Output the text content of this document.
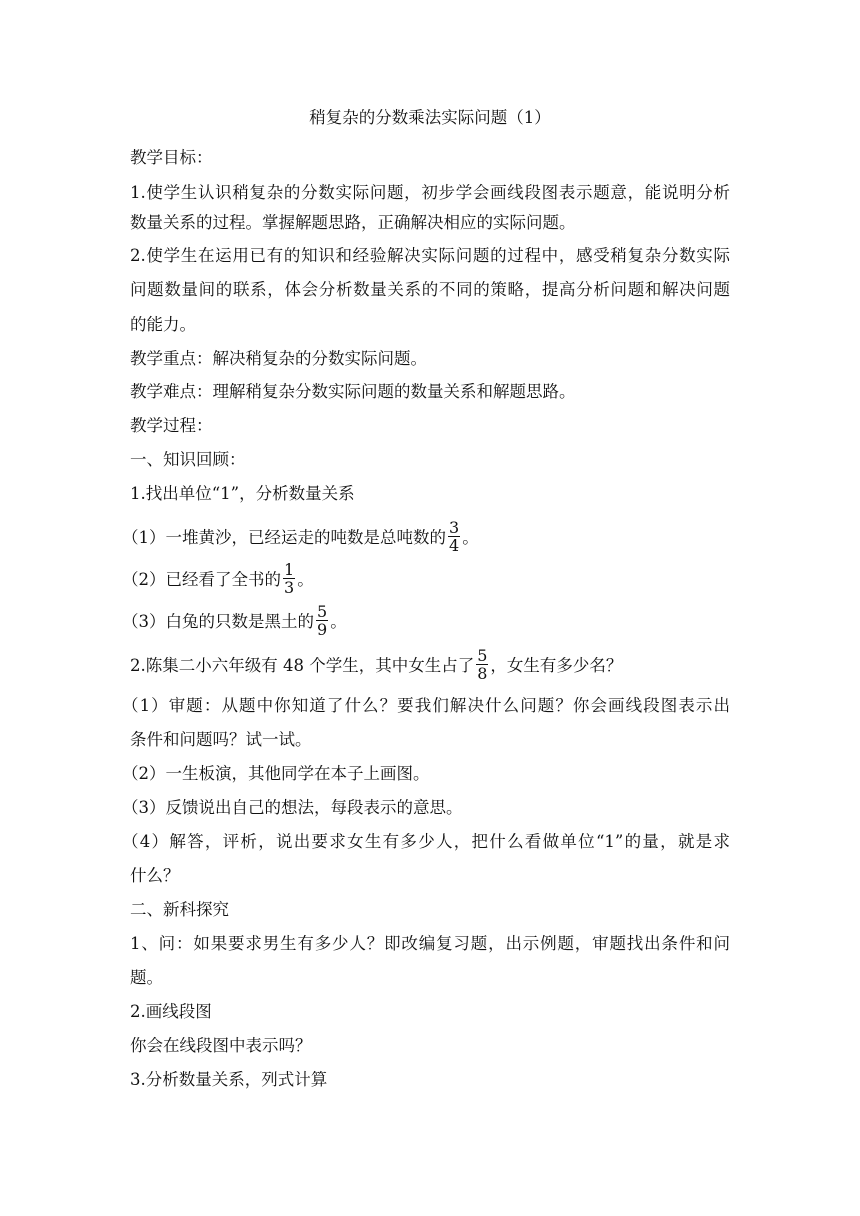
稍复杂的分数乘法实际问题（1）
教学目标：
1.使学生认识稍复杂的分数实际问题，初步学会画线段图表示题意，能说明分析
数量关系的过程。掌握解题思路，正确解决相应的实际问题。
2.使学生在运用已有的知识和经验解决实际问题的过程中，感受稍复杂分数实际
问题数量间的联系，体会分析数量关系的不同的策略，提高分析问题和解决问题
的能力。
教学重点：解决稍复杂的分数实际问题。
教学难点：理解稍复杂分数实际问题的数量关系和解题思路。
教学过程：
一、知识回顾：
1.找出单位“1”，分析数量关系
（1）一堆黄沙，已经运走的吨数是总吨数的 $\frac{3}{4}$ 。
（2）已经看了全书的 $\frac{1}{3}$ 。
（3）白兔的只数是黑土的 $\frac{5}{9}$ 。
2.陈集二小六年级有 48 个学生，其中女生占了 $\frac{5}{8}$ ，女生有多少名？
（1）审题：从题中你知道了什么？要我们解决什么问题？你会画线段图表示出
条件和问题吗？试一试。
（2）一生板演，其他同学在本子上画图。
（3）反馈说出自己的想法，每段表示的意思。
（4）解答，评析，说出要求女生有多少人，把什么看做单位“1”的量，就是求
什么？
二、新科探究
1、问：如果要求男生有多少人？即改编复习题，出示例题，审题找出条件和问
题。
2.画线段图
你会在线段图中表示吗？
3.分析数量关系，列式计算
